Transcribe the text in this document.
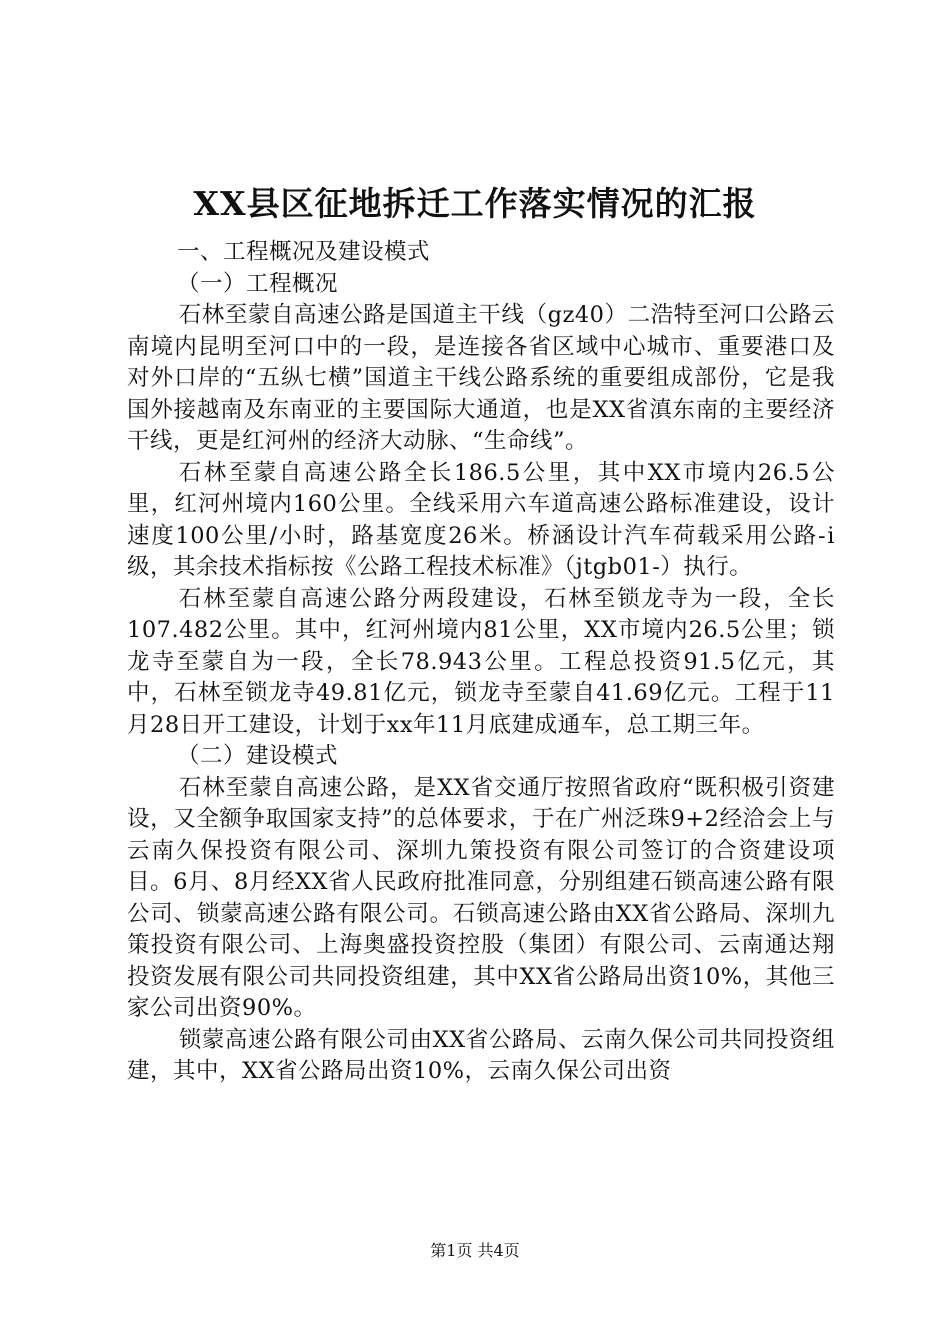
XX县区征地拆迁工作落实情况的汇报

一、工程概况及建设模式

（一）工程概况

石林至蒙自高速公路是国道主干线（gz40）二浩特至河口公路云南境内昆明至河口中的一段，是连接各省区域中心城市、重要港口及对外口岸的“五纵七横”国道主干线公路系统的重要组成部份，它是我国外接越南及东南亚的主要国际大通道，也是XX省滇东南的主要经济干线，更是红河州的经济大动脉、“生命线”。

石林至蒙自高速公路全长186.5公里，其中XX市境内26.5公里，红河州境内160公里。全线采用六车道高速公路标准建设，设计速度100公里/小时，路基宽度26米。桥涵设计汽车荷载采用公路-ⅰ级，其余技术指标按《公路工程技术标准》（jtgb01-）执行。

石林至蒙自高速公路分两段建设，石林至锁龙寺为一段，全长107.482公里。其中，红河州境内81公里，XX市境内26.5公里；锁龙寺至蒙自为一段，全长78.943公里。工程总投资91.5亿元，其中，石林至锁龙寺49.81亿元，锁龙寺至蒙自41.69亿元。工程于11月28日开工建设，计划于xx年11月底建成通车，总工期三年。

（二）建设模式

石林至蒙自高速公路，是XX省交通厅按照省政府“既积极引资建设，又全额争取国家支持”的总体要求，于在广州泛珠9+2经洽会上与云南久保投资有限公司、深圳九策投资有限公司签订的合资建设项目。6月、8月经XX省人民政府批准同意，分别组建石锁高速公路有限公司、锁蒙高速公路有限公司。石锁高速公路由XX省公路局、深圳九策投资有限公司、上海奥盛投资控股（集团）有限公司、云南通达翔投资发展有限公司共同投资组建，其中XX省公路局出资10%，其他三家公司出资90%。

锁蒙高速公路有限公司由XX省公路局、云南久保公司共同投资组建，其中，XX省公路局出资10%，云南久保公司出资

第1页 共4页
